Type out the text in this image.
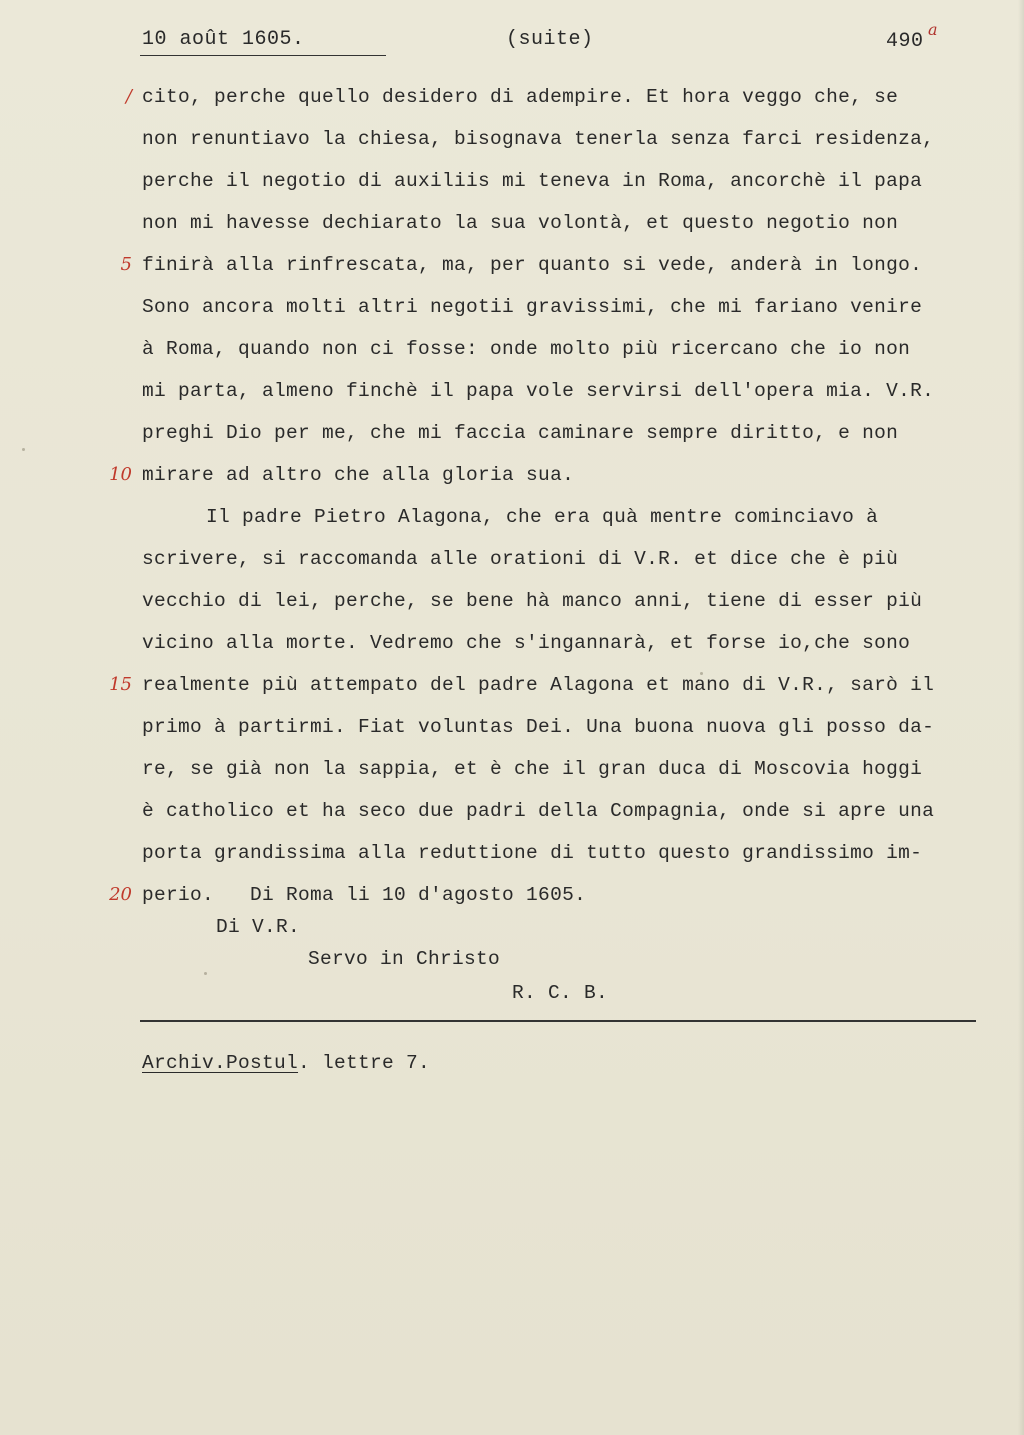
10 août 1605.	(suite)	490
a
/ cito, perche quello desidero di adempire. Et hora veggo che, se
non renuntiavo la chiesa, bisognava tenerla senza farci residenza,
perche il negotio di auxiliis mi teneva in Roma, ancorchè il papa
non mi havesse dechiarato la sua volontà, et questo negotio non
5 finirà alla rinfrescata, ma, per quanto si vede, anderà in longo.
Sono ancora molti altri negotii gravissimi, che mi fariano venire
à Roma, quando non ci fosse: onde molto più ricercano che io non
mi parta, almeno finchè il papa vole servirsi dell'opera mia. V.R.
preghi Dio per me, che mi faccia caminare sempre diritto, e non
10 mirare ad altro che alla gloria sua.
Il padre Pietro Alagona, che era quà mentre cominciavo à
scrivere, si raccomanda alle orationi di V.R. et dice che è più
vecchio di lei, perche, se bene hà manco anni, tiene di esser più
vicino alla morte. Vedremo che s'ingannarà, et forse io,che sono
15 realmente più attempato del padre Alagona et mano di V.R., sarò il
primo à partirmi. Fiat voluntas Dei. Una buona nuova gli posso da-
re, se già non la sappia, et è che il gran duca di Moscovia hoggi
è catholico et ha seco due padri della Compagnia, onde si apre una
porta grandissima alla reduttione di tutto questo grandissimo im-
20 perio.   Di Roma li 10 d'agosto 1605.
Di V.R.
Servo in Christo
R. C. B.
Archiv.Postul. lettre 7.
